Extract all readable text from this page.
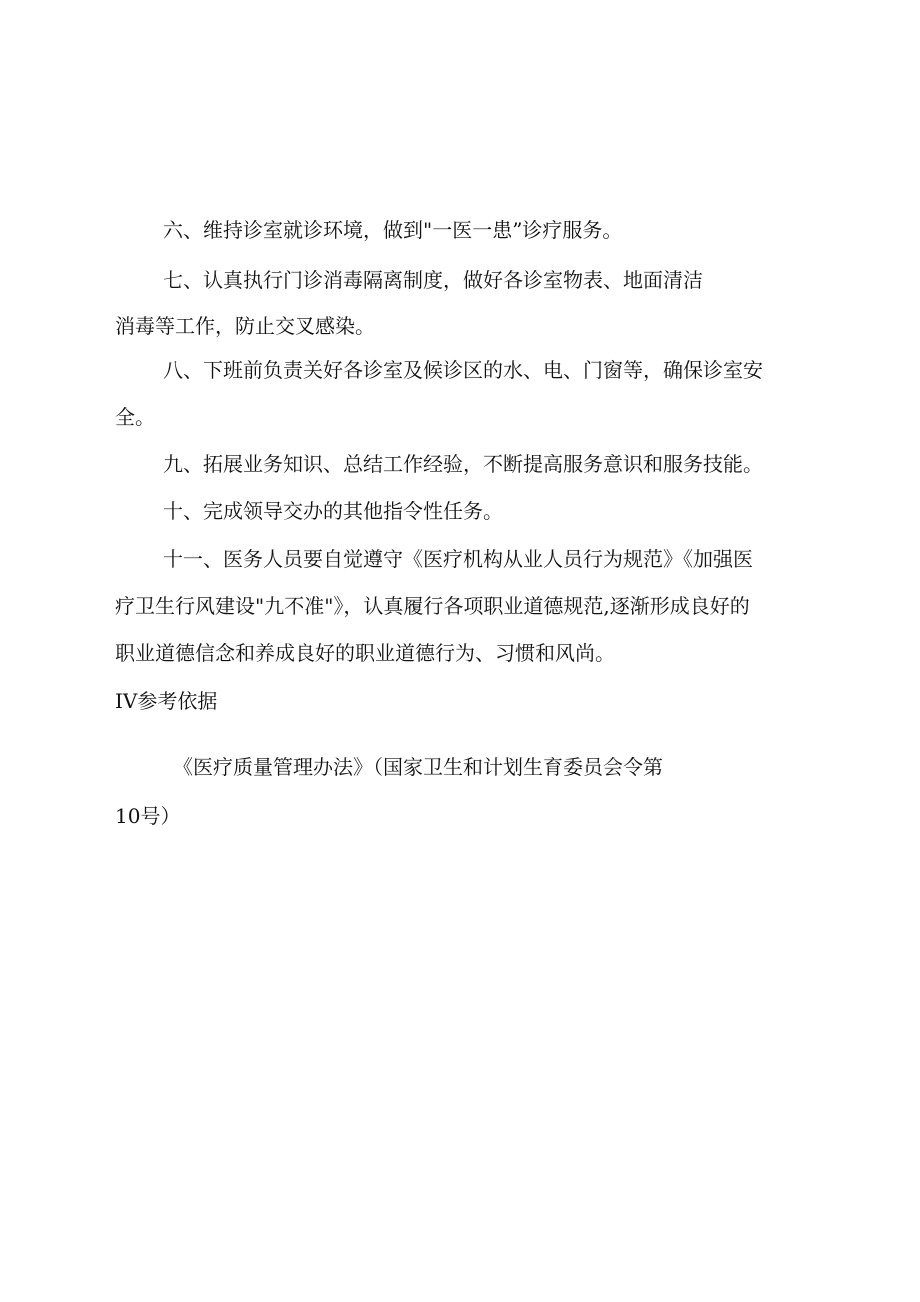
六、维持诊室就诊环境，做到"一医一患”诊疗服务。

七、认真执行门诊消毒隔离制度，做好各诊室物表、地面清洁

消毒等工作，防止交叉感染。

八、下班前负责关好各诊室及候诊区的水、电、门窗等，确保诊室安

全。

九、拓展业务知识、总结工作经验，不断提高服务意识和服务技能。

十、完成领导交办的其他指令性任务。

十一、医务人员要自觉遵守《医疗机构从业人员行为规范》《加强医

疗卫生行风建设"九不准"》，认真履行各项职业道德规范,逐渐形成良好的

职业道德信念和养成良好的职业道德行为、习惯和风尚。

IV参考依据

《医疗质量管理办法》（国家卫生和计划生育委员会令第

10号）
